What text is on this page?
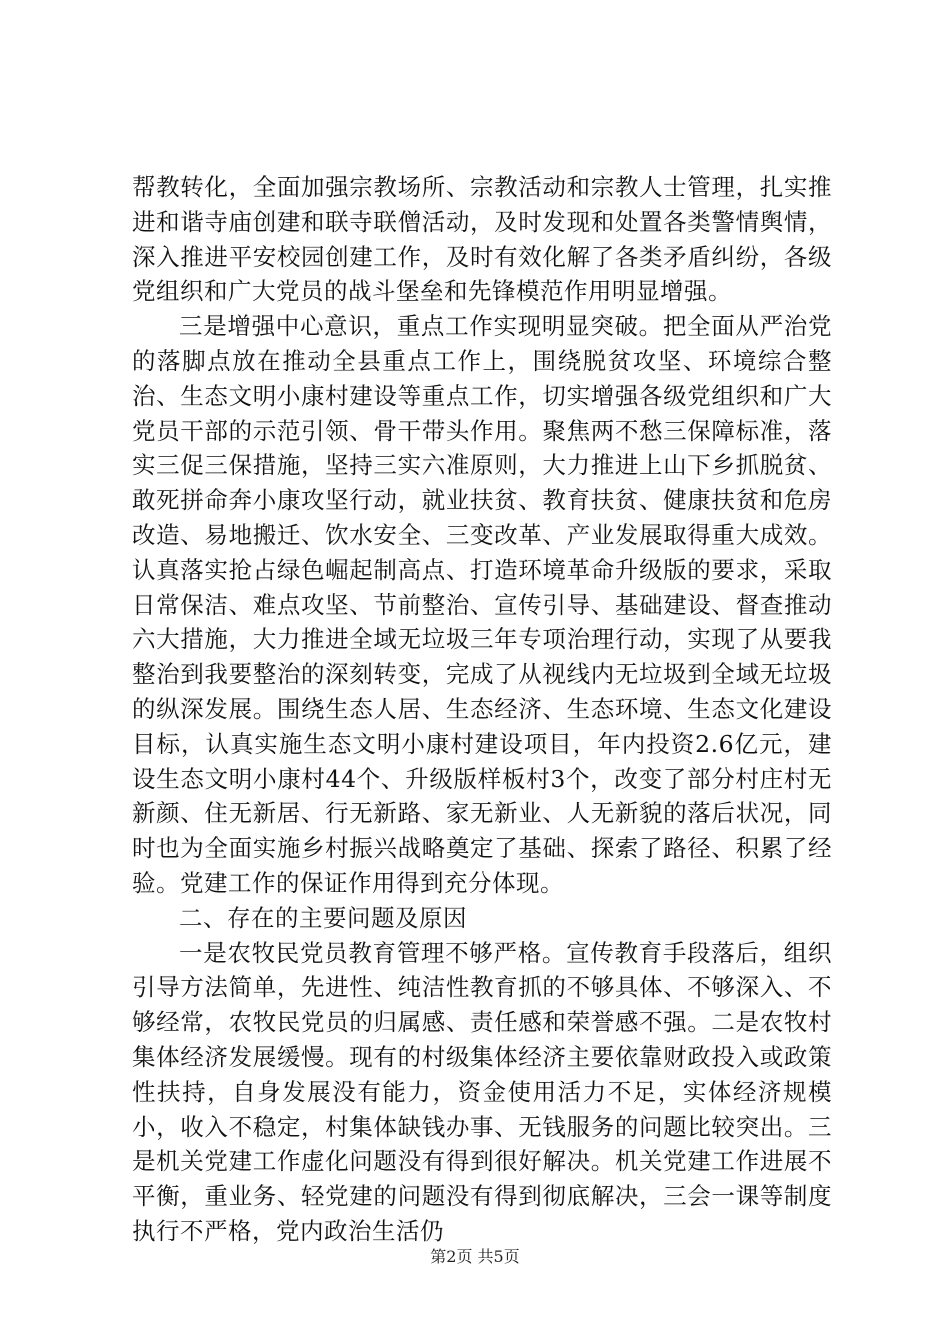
帮教转化，全面加强宗教场所、宗教活动和宗教人士管理，扎实推进和谐寺庙创建和联寺联僧活动，及时发现和处置各类警情舆情，深入推进平安校园创建工作，及时有效化解了各类矛盾纠纷，各级党组织和广大党员的战斗堡垒和先锋模范作用明显增强。

三是增强中心意识，重点工作实现明显突破。把全面从严治党的落脚点放在推动全县重点工作上，围绕脱贫攻坚、环境综合整治、生态文明小康村建设等重点工作，切实增强各级党组织和广大党员干部的示范引领、骨干带头作用。聚焦两不愁三保障标准，落实三促三保措施，坚持三实六准原则，大力推进上山下乡抓脱贫、敢死拼命奔小康攻坚行动，就业扶贫、教育扶贫、健康扶贫和危房改造、易地搬迁、饮水安全、三变改革、产业发展取得重大成效。认真落实抢占绿色崛起制高点、打造环境革命升级版的要求，采取日常保洁、难点攻坚、节前整治、宣传引导、基础建设、督查推动六大措施，大力推进全域无垃圾三年专项治理行动，实现了从要我整治到我要整治的深刻转变，完成了从视线内无垃圾到全域无垃圾的纵深发展。围绕生态人居、生态经济、生态环境、生态文化建设目标，认真实施生态文明小康村建设项目，年内投资2.6亿元，建设生态文明小康村44个、升级版样板村3个，改变了部分村庄村无新颜、住无新居、行无新路、家无新业、人无新貌的落后状况，同时也为全面实施乡村振兴战略奠定了基础、探索了路径、积累了经验。党建工作的保证作用得到充分体现。

二、存在的主要问题及原因

一是农牧民党员教育管理不够严格。宣传教育手段落后，组织引导方法简单，先进性、纯洁性教育抓的不够具体、不够深入、不够经常，农牧民党员的归属感、责任感和荣誉感不强。二是农牧村集体经济发展缓慢。现有的村级集体经济主要依靠财政投入或政策性扶持，自身发展没有能力，资金使用活力不足，实体经济规模小，收入不稳定，村集体缺钱办事、无钱服务的问题比较突出。三是机关党建工作虚化问题没有得到很好解决。机关党建工作进展不平衡，重业务、轻党建的问题没有得到彻底解决，三会一课等制度执行不严格，党内政治生活仍

第2页 共5页
